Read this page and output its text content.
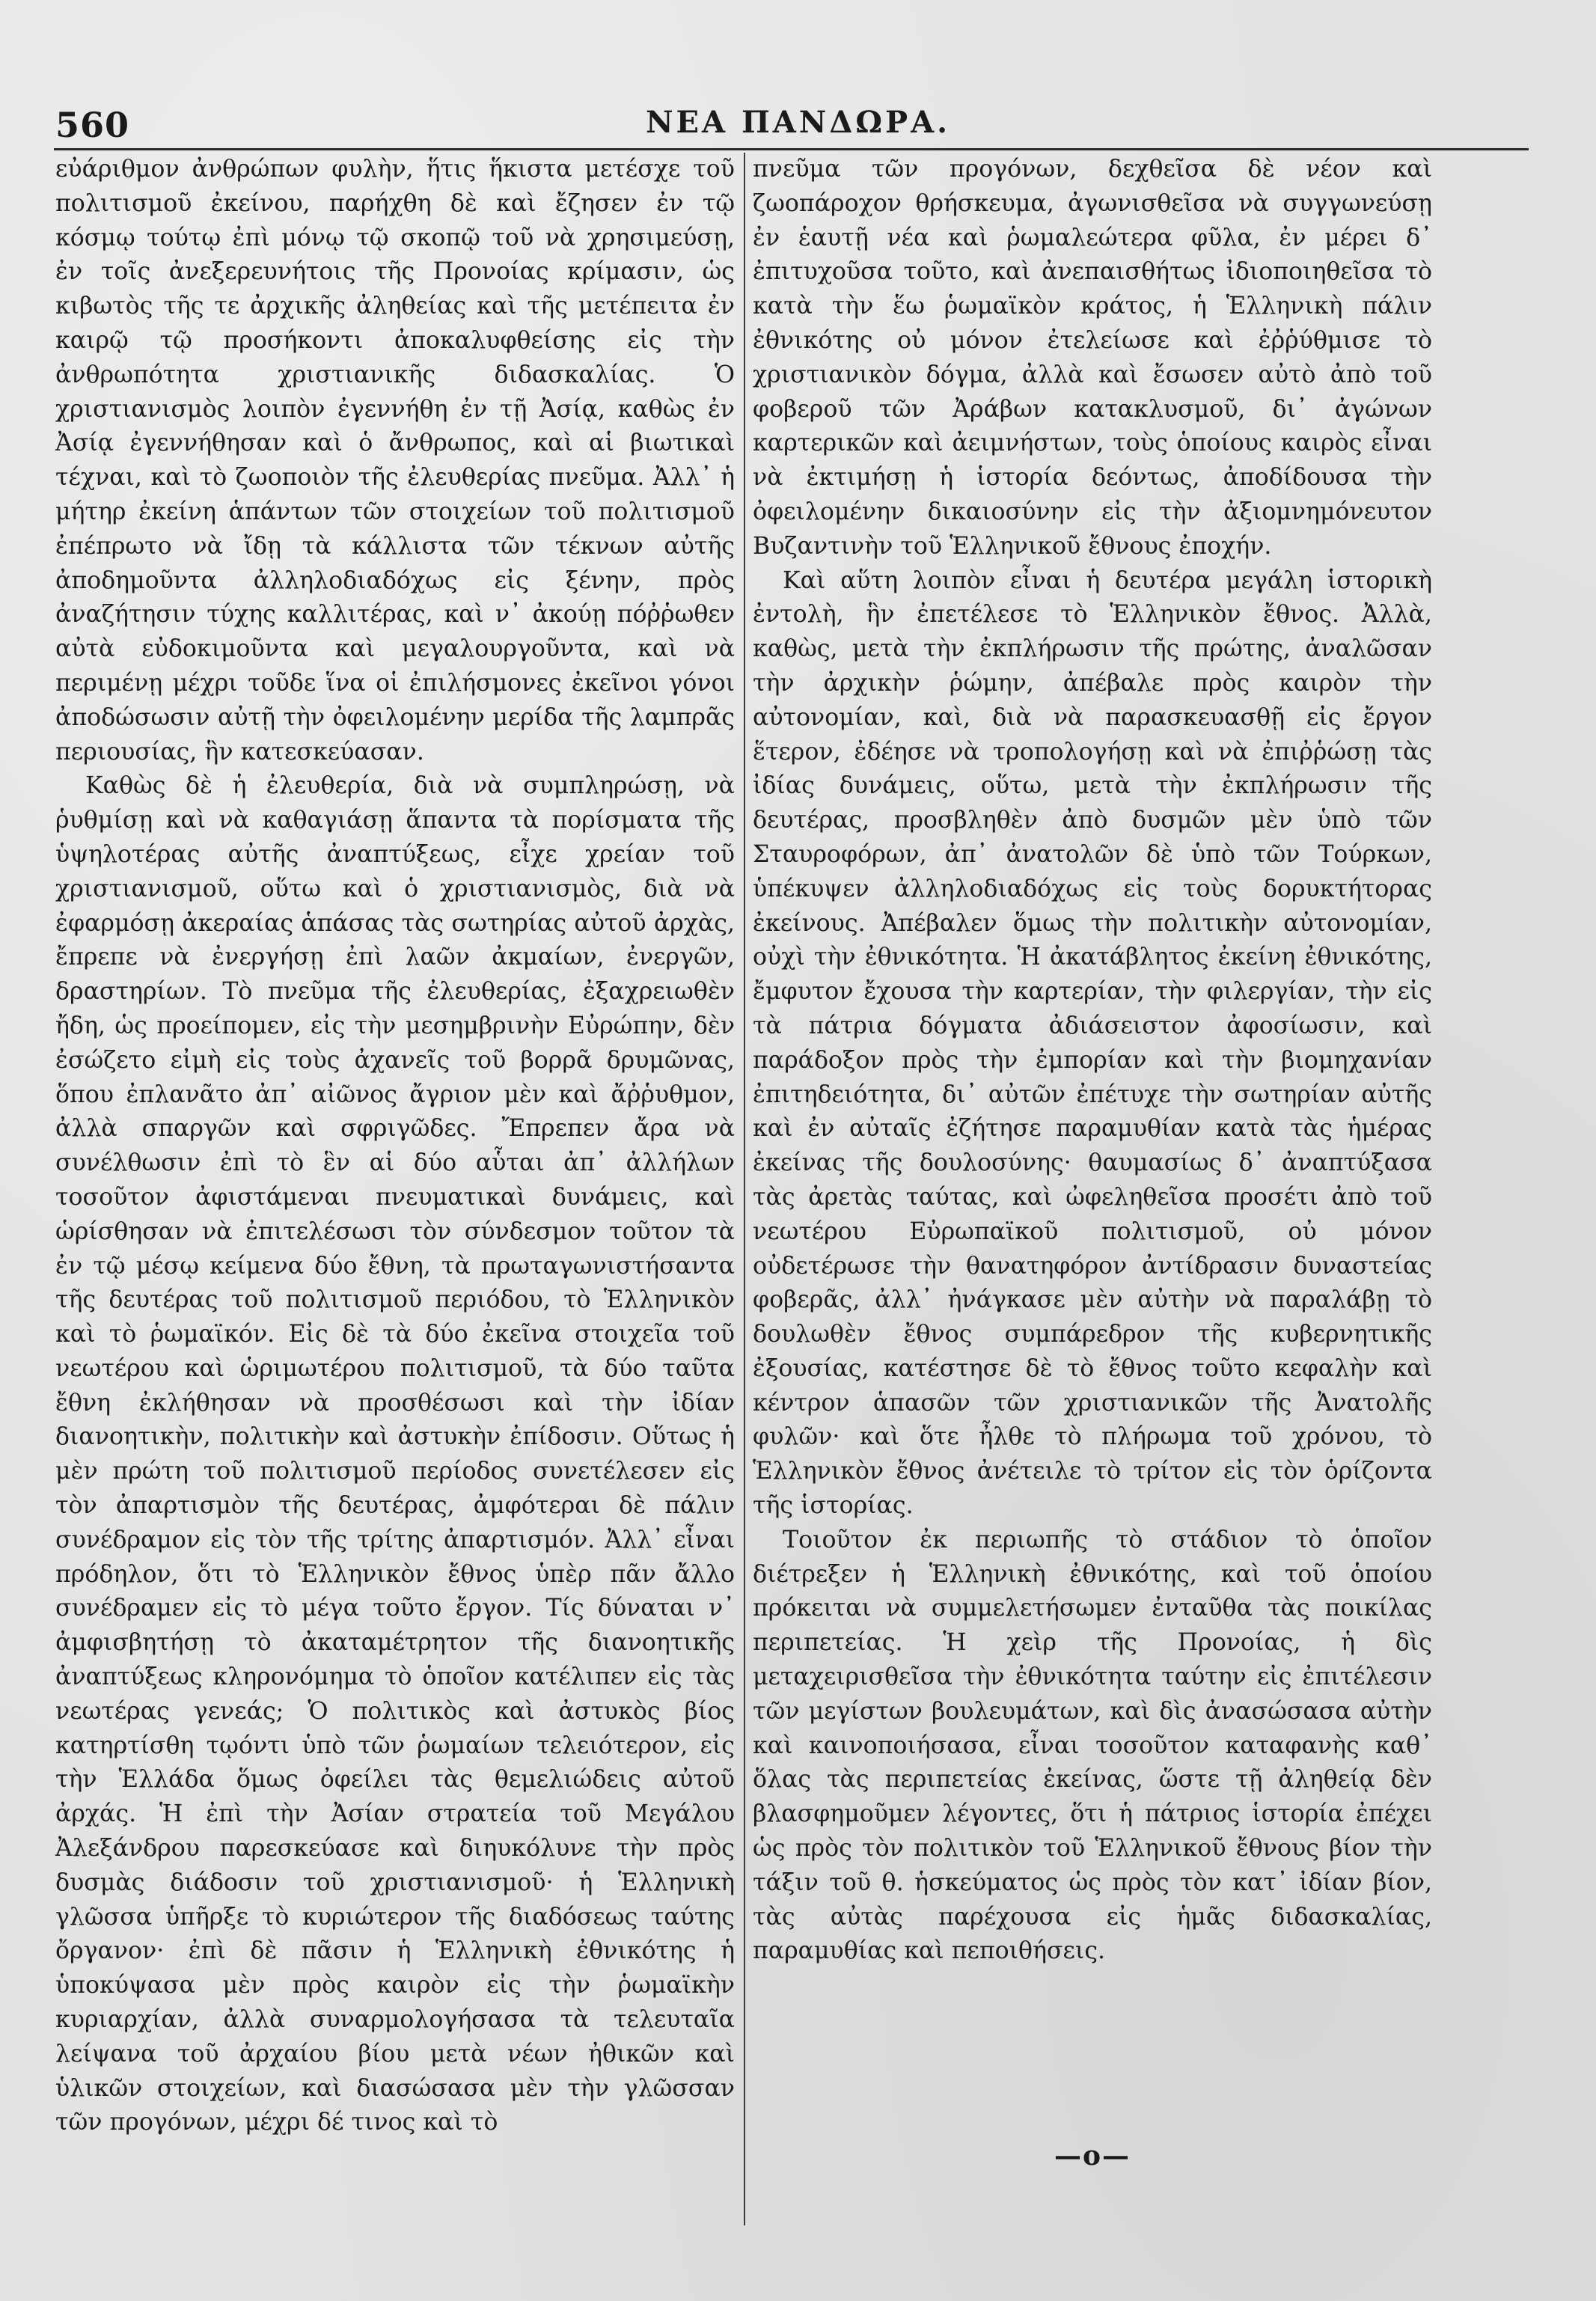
560	ΝΕΑ ΠΑΝΔΩΡΑ.

εὐάριθμον ἀνθρώπων φυλὴν, ἥτις ἥκιστα μετέσχε τοῦ πολιτισμοῦ ἐκείνου, παρήχθη δὲ καὶ ἔζησεν ἐν τῷ κόσμῳ τούτῳ ἐπὶ μόνῳ τῷ σκοπῷ τοῦ νὰ χρησιμεύσῃ, ἐν τοῖς ἀνεξερευνήτοις τῆς Προνοίας κρίμασιν, ὡς κιβωτὸς τῆς τε ἀρχικῆς ἀληθείας καὶ τῆς μετέπειτα ἐν καιρῷ τῷ προσήκοντι ἀποκαλυφθείσης εἰς τὴν ἀνθρωπότητα χριστιανικῆς διδασκαλίας. Ὁ χριστιανισμὸς λοιπὸν ἐγεννήθη ἐν τῇ Ἀσίᾳ, καθὼς ἐν Ἀσίᾳ ἐγεννήθησαν καὶ ὁ ἄνθρωπος, καὶ αἱ βιωτικαὶ τέχναι, καὶ τὸ ζωοποιὸν τῆς ἐλευθερίας πνεῦμα. Ἀλλ᾽ ἡ μήτηρ ἐκείνη ἁπάντων τῶν στοιχείων τοῦ πολιτισμοῦ ἐπέπρωτο νὰ ἴδῃ τὰ κάλλιστα τῶν τέκνων αὐτῆς ἀποδημοῦντα ἀλληλοδιαδόχως εἰς ξένην, πρὸς ἀναζήτησιν τύχης καλλιτέρας, καὶ ν᾽ ἀκούῃ πόῤῥωθεν αὐτὰ εὐδοκιμοῦντα καὶ μεγαλουργοῦντα, καὶ νὰ περιμένῃ μέχρι τοῦδε ἵνα οἱ ἐπιλήσμονες ἐκεῖνοι γόνοι ἀποδώσωσιν αὐτῇ τὴν ὀφειλομένην μερίδα τῆς λαμπρᾶς περιουσίας, ἣν κατεσκεύασαν.

Καθὼς δὲ ἡ ἐλευθερία, διὰ νὰ συμπληρώσῃ, νὰ ῥυθμίσῃ καὶ νὰ καθαγιάσῃ ἅπαντα τὰ πορίσματα τῆς ὑψηλοτέρας αὐτῆς ἀναπτύξεως, εἶχε χρείαν τοῦ χριστιανισμοῦ, οὕτω καὶ ὁ χριστιανισμὸς, διὰ νὰ ἐφαρμόσῃ ἀκεραίας ἁπάσας τὰς σωτηρίας αὐτοῦ ἀρχὰς, ἔπρεπε νὰ ἐνεργήσῃ ἐπὶ λαῶν ἀκμαίων, ἐνεργῶν, δραστηρίων. Τὸ πνεῦμα τῆς ἐλευθερίας, ἐξαχρειωθὲν ἤδη, ὡς προείπομεν, εἰς τὴν μεσημβρινὴν Εὐρώπην, δὲν ἐσώζετο εἰμὴ εἰς τοὺς ἀχανεῖς τοῦ βορρᾶ δρυμῶνας, ὅπου ἐπλανᾶτο ἀπ᾽ αἰῶνος ἄγριον μὲν καὶ ἄῤῥυθμον, ἀλλὰ σπαργῶν καὶ σφριγῶδες. Ἔπρεπεν ἄρα νὰ συνέλθωσιν ἐπὶ τὸ ἓν αἱ δύο αὗται ἀπ᾽ ἀλλήλων τοσοῦτον ἀφιστάμεναι πνευματικαὶ δυνάμεις, καὶ ὡρίσθησαν νὰ ἐπιτελέσωσι τὸν σύνδεσμον τοῦτον τὰ ἐν τῷ μέσῳ κείμενα δύο ἔθνη, τὰ πρωταγωνιστήσαντα τῆς δευτέρας τοῦ πολιτισμοῦ περιόδου, τὸ Ἑλληνικὸν καὶ τὸ ῥωμαϊκόν. Εἰς δὲ τὰ δύο ἐκεῖνα στοιχεῖα τοῦ νεωτέρου καὶ ὡριμωτέρου πολιτισμοῦ, τὰ δύο ταῦτα ἔθνη ἐκλήθησαν νὰ προσθέσωσι καὶ τὴν ἰδίαν διανοητικὴν, πολιτικὴν καὶ ἀστυκὴν ἐπίδοσιν. Οὕτως ἡ μὲν πρώτη τοῦ πολιτισμοῦ περίοδος συνετέλεσεν εἰς τὸν ἀπαρτισμὸν τῆς δευτέρας, ἀμφότεραι δὲ πάλιν συνέδραμον εἰς τὸν τῆς τρίτης ἀπαρτισμόν. Ἀλλ᾽ εἶναι πρόδηλον, ὅτι τὸ Ἑλληνικὸν ἔθνος ὑπὲρ πᾶν ἄλλο συνέδραμεν εἰς τὸ μέγα τοῦτο ἔργον. Τίς δύναται ν᾽ ἀμφισβητήσῃ τὸ ἀκαταμέτρητον τῆς διανοητικῆς ἀναπτύξεως κληρονόμημα τὸ ὁποῖον κατέλιπεν εἰς τὰς νεωτέρας γενεάς; Ὁ πολιτικὸς καὶ ἀστυκὸς βίος κατηρτίσθη τῳόντι ὑπὸ τῶν ῥωμαίων τελειότερον, εἰς τὴν Ἑλλάδα ὅμως ὀφείλει τὰς θεμελιώδεις αὐτοῦ ἀρχάς. Ἡ ἐπὶ τὴν Ἀσίαν στρατεία τοῦ Μεγάλου Ἀλεξάνδρου παρεσκεύασε καὶ διηυκόλυνε τὴν πρὸς δυσμὰς διάδοσιν τοῦ χριστιανισμοῦ· ἡ Ἑλληνικὴ γλῶσσα ὑπῆρξε τὸ κυριώτερον τῆς διαδόσεως ταύτης ὄργανον· ἐπὶ δὲ πᾶσιν ἡ Ἑλληνικὴ ἐθνικότης ἡ ὑποκύψασα μὲν πρὸς καιρὸν εἰς τὴν ῥωμαϊκὴν κυριαρχίαν, ἀλλὰ συναρμολογήσασα τὰ τελευταῖα λείψανα τοῦ ἀρχαίου βίου μετὰ νέων ἠθικῶν καὶ ὑλικῶν στοιχείων, καὶ διασώσασα μὲν τὴν γλῶσσαν τῶν προγόνων, μέχρι δέ τινος καὶ τὸ

πνεῦμα τῶν προγόνων, δεχθεῖσα δὲ νέον καὶ ζωοπάροχον θρήσκευμα, ἀγωνισθεῖσα νὰ συγγωνεύσῃ ἐν ἑαυτῇ νέα καὶ ῥωμαλεώτερα φῦλα, ἐν μέρει δ᾽ ἐπιτυχοῦσα τοῦτο, καὶ ἀνεπαισθήτως ἰδιοποιηθεῖσα τὸ κατὰ τὴν ἕω ῥωμαϊκὸν κράτος, ἡ Ἑλληνικὴ πάλιν ἐθνικότης οὐ μόνον ἐτελείωσε καὶ ἐῤῥύθμισε τὸ χριστιανικὸν δόγμα, ἀλλὰ καὶ ἔσωσεν αὐτὸ ἀπὸ τοῦ φοβεροῦ τῶν Ἀράβων κατακλυσμοῦ, δι᾽ ἀγώνων καρτερικῶν καὶ ἀειμνήστων, τοὺς ὁποίους καιρὸς εἶναι νὰ ἐκτιμήσῃ ἡ ἱστορία δεόντως, ἀποδίδουσα τὴν ὀφειλομένην δικαιοσύνην εἰς τὴν ἀξιομνημόνευτον Βυζαντινὴν τοῦ Ἑλληνικοῦ ἔθνους ἐποχήν.

Καὶ αὕτη λοιπὸν εἶναι ἡ δευτέρα μεγάλη ἱστορικὴ ἐντολὴ, ἣν ἐπετέλεσε τὸ Ἑλληνικὸν ἔθνος. Ἀλλὰ, καθὼς, μετὰ τὴν ἐκπλήρωσιν τῆς πρώτης, ἀναλῶσαν τὴν ἀρχικὴν ῥώμην, ἀπέβαλε πρὸς καιρὸν τὴν αὐτονομίαν, καὶ, διὰ νὰ παρασκευασθῇ εἰς ἔργον ἕτερον, ἐδέησε νὰ τροπολογήσῃ καὶ νὰ ἐπιῤῥώσῃ τὰς ἰδίας δυνάμεις, οὕτω, μετὰ τὴν ἐκπλήρωσιν τῆς δευτέρας, προσβληθὲν ἀπὸ δυσμῶν μὲν ὑπὸ τῶν Σταυροφόρων, ἀπ᾽ ἀνατολῶν δὲ ὑπὸ τῶν Τούρκων, ὑπέκυψεν ἀλληλοδιαδόχως εἰς τοὺς δορυκτήτορας ἐκείνους. Ἀπέβαλεν ὅμως τὴν πολιτικὴν αὐτονομίαν, οὐχὶ τὴν ἐθνικότητα. Ἡ ἀκατάβλητος ἐκείνη ἐθνικότης, ἔμφυτον ἔχουσα τὴν καρτερίαν, τὴν φιλεργίαν, τὴν εἰς τὰ πάτρια δόγματα ἀδιάσειστον ἀφοσίωσιν, καὶ παράδοξον πρὸς τὴν ἐμπορίαν καὶ τὴν βιομηχανίαν ἐπιτηδειότητα, δι᾽ αὐτῶν ἐπέτυχε τὴν σωτηρίαν αὐτῆς καὶ ἐν αὐταῖς ἐζήτησε παραμυθίαν κατὰ τὰς ἡμέρας ἐκείνας τῆς δουλοσύνης· θαυμασίως δ᾽ ἀναπτύξασα τὰς ἀρετὰς ταύτας, καὶ ὠφεληθεῖσα προσέτι ἀπὸ τοῦ νεωτέρου Εὐρωπαϊκοῦ πολιτισμοῦ, οὐ μόνον οὐδετέρωσε τὴν θανατηφόρον ἀντίδρασιν δυναστείας φοβερᾶς, ἀλλ᾽ ἠνάγκασε μὲν αὐτὴν νὰ παραλάβῃ τὸ δουλωθὲν ἔθνος συμπάρεδρον τῆς κυβερνητικῆς ἐξουσίας, κατέστησε δὲ τὸ ἔθνος τοῦτο κεφαλὴν καὶ κέντρον ἁπασῶν τῶν χριστιανικῶν τῆς Ἀνατολῆς φυλῶν· καὶ ὅτε ἦλθε τὸ πλήρωμα τοῦ χρόνου, τὸ Ἑλληνικὸν ἔθνος ἀνέτειλε τὸ τρίτον εἰς τὸν ὁρίζοντα τῆς ἱστορίας.

Τοιοῦτον ἐκ περιωπῆς τὸ στάδιον τὸ ὁποῖον διέτρεξεν ἡ Ἑλληνικὴ ἐθνικότης, καὶ τοῦ ὁποίου πρόκειται νὰ συμμελετήσωμεν ἐνταῦθα τὰς ποικίλας περιπετείας. Ἡ χεὶρ τῆς Προνοίας, ἡ δὶς μεταχειρισθεῖσα τὴν ἐθνικότητα ταύτην εἰς ἐπιτέλεσιν τῶν μεγίστων βουλευμάτων, καὶ δὶς ἀνασώσασα αὐτὴν καὶ καινοποιήσασα, εἶναι τοσοῦτον καταφανὴς καθ᾽ ὅλας τὰς περιπετείας ἐκείνας, ὥστε τῇ ἀληθείᾳ δὲν βλασφημοῦμεν λέγοντες, ὅτι ἡ πάτριος ἱστορία ἐπέχει ὡς πρὸς τὸν πολιτικὸν τοῦ Ἑλληνικοῦ ἔθνους βίον τὴν τάξιν τοῦ θ. ἡσκεύματος ὡς πρὸς τὸν κατ᾽ ἰδίαν βίον, τὰς αὐτὰς παρέχουσα εἰς ἡμᾶς διδασκαλίας, παραμυθίας καὶ πεποιθήσεις.

—o—
